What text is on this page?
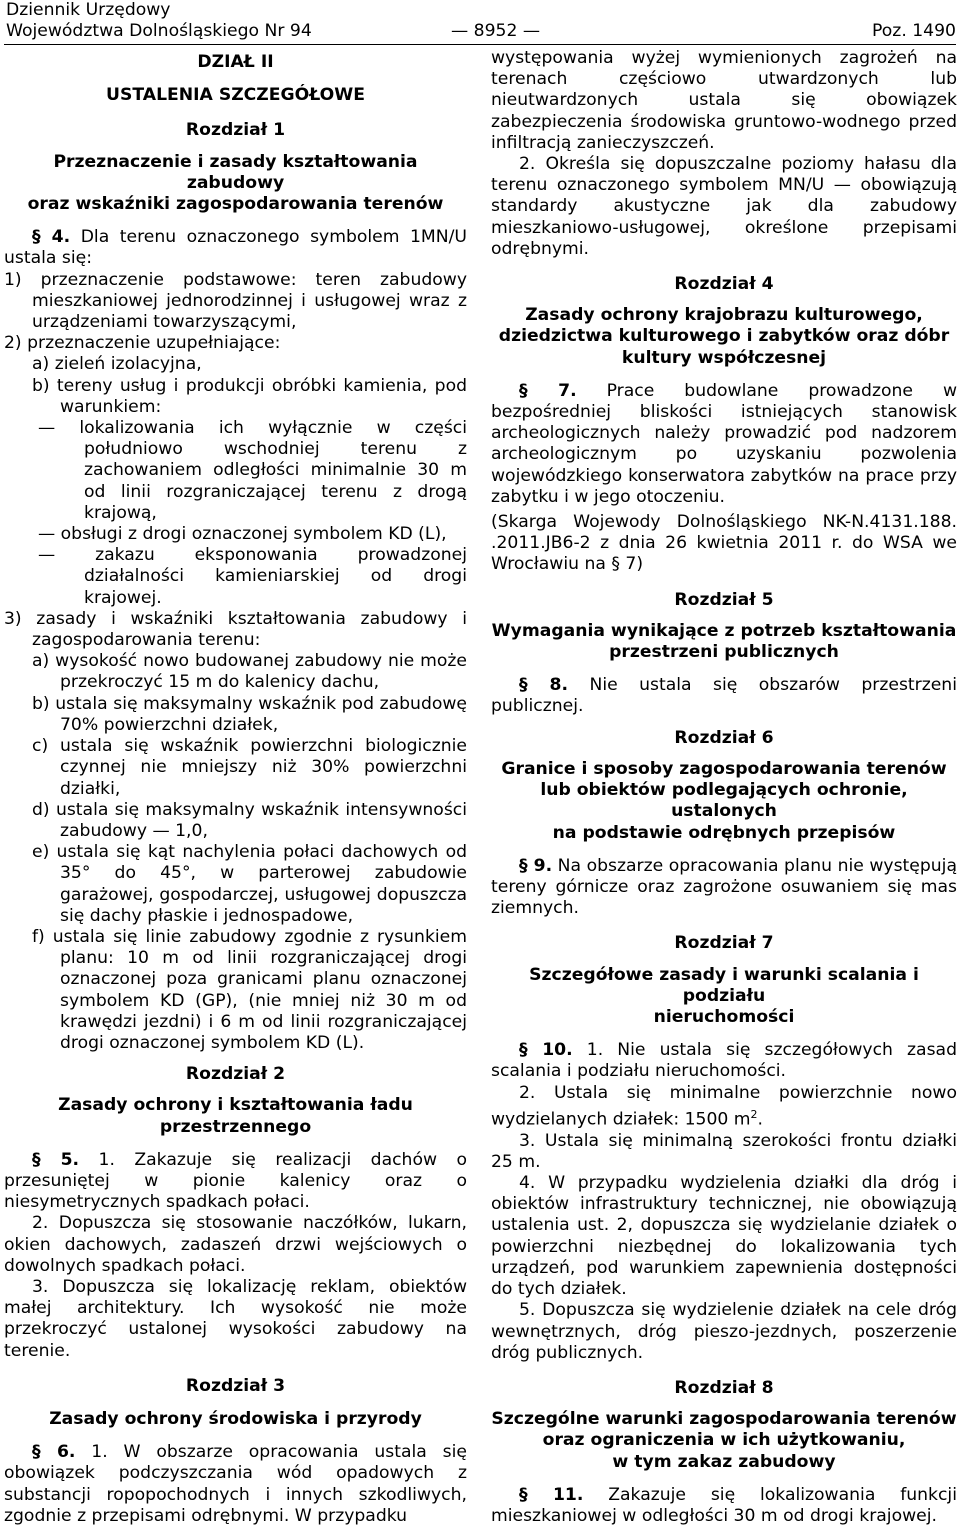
Dziennik Urzędowy
Województwa Dolnośląskiego Nr 94	— 8952 —	Poz. 1490

DZIAŁ II

USTALENIA SZCZEGÓŁOWE

Rozdział 1

Przeznaczenie i zasady kształtowania zabudowy

oraz wskaźniki zagospodarowania terenów

§ 4. Dla terenu oznaczonego symbolem 1MN/U ustala się:

1) przeznaczenie podstawowe: teren zabudowy mieszkaniowej jednorodzinnej i usługowej wraz z urządzeniami towarzyszącymi,

2) przeznaczenie uzupełniające:

a) zieleń izolacyjna,

b) tereny usług i produkcji obróbki kamienia, pod warunkiem:

— lokalizowania ich wyłącznie w części południowo wschodniej terenu z zachowaniem odległości minimalnie 30 m od linii rozgraniczającej terenu z drogą krajową,

— obsługi z drogi oznaczonej symbolem KD (L),

— zakazu eksponowania prowadzonej działalności kamieniarskiej od drogi krajowej.

3) zasady i wskaźniki kształtowania zabudowy i zagospodarowania terenu:

a) wysokość nowo budowanej zabudowy nie może przekroczyć 15 m do kalenicy dachu,

b) ustala się maksymalny wskaźnik pod zabudowę 70% powierzchni działek,

c) ustala się wskaźnik powierzchni biologicznie czynnej nie mniejszy niż 30% powierzchni działki,

d) ustala się maksymalny wskaźnik intensywności zabudowy — 1,0,

e) ustala się kąt nachylenia połaci dachowych od 35° do 45°, w parterowej zabudowie garażowej, gospodarczej, usługowej dopuszcza się dachy płaskie i jednospadowe,

f) ustala się linie zabudowy zgodnie z rysunkiem planu: 10 m od linii rozgraniczającej drogi oznaczonej poza granicami planu oznaczonej symbolem KD (GP), (nie mniej niż 30 m od krawędzi jezdni) i 6 m od linii rozgraniczającej drogi oznaczonej symbolem KD (L).

Rozdział 2

Zasady ochrony i kształtowania ładu

przestrzennego

§ 5. 1. Zakazuje się realizacji dachów o przesuniętej w pionie kalenicy oraz o niesymetrycznych spadkach połaci.

2. Dopuszcza się stosowanie naczółków, lukarn, okien dachowych, zadaszeń drzwi wejściowych o dowolnych spadkach połaci.

3. Dopuszcza się lokalizację reklam, obiektów małej architektury. Ich wysokość nie może przekroczyć ustalonej wysokości zabudowy na terenie.

Rozdział 3

Zasady ochrony środowiska i przyrody

§ 6. 1. W obszarze opracowania ustala się obowiązek podczyszczania wód opadowych z substancji ropopochodnych i innych szkodliwych, zgodnie z przepisami odrębnymi. W przypadku

występowania wyżej wymienionych zagrożeń na terenach częściowo utwardzonych lub nieutwardzonych ustala się obowiązek zabezpieczenia środowiska gruntowo-wodnego przed infiltracją zanieczyszczeń.

2. Określa się dopuszczalne poziomy hałasu dla terenu oznaczonego symbolem MN/U — obowiązują standardy akustyczne jak dla zabudowy mieszkaniowo-usługowej, określone przepisami odrębnymi.

Rozdział 4

Zasady ochrony krajobrazu kulturowego,

dziedzictwa kulturowego i zabytków oraz dóbr

kultury współczesnej

§ 7. Prace budowlane prowadzone w bezpośredniej bliskości istniejących stanowisk archeologicznych należy prowadzić pod nadzorem archeologicznym po uzyskaniu pozwolenia wojewódzkiego konserwatora zabytków na prace przy zabytku i w jego otoczeniu.

(Skarga Wojewody Dolnośląskiego NK-N.4131.188. .2011.JB6-2 z dnia 26 kwietnia 2011 r. do WSA we Wrocławiu na § 7)

Rozdział 5

Wymagania wynikające z potrzeb kształtowania

przestrzeni publicznych

§ 8. Nie ustala się obszarów przestrzeni publicznej.

Rozdział 6

Granice i sposoby zagospodarowania terenów

lub obiektów podlegających ochronie, ustalonych

na podstawie odrębnych przepisów

§ 9. Na obszarze opracowania planu nie występują tereny górnicze oraz zagrożone osuwaniem się mas ziemnych.

Rozdział 7

Szczegółowe zasady i warunki scalania i podziału

nieruchomości

§ 10. 1. Nie ustala się szczegółowych zasad scalania i podziału nieruchomości.

2. Ustala się minimalne powierzchnie nowo wydzielanych działek: 1500 $m^2$.

3. Ustala się minimalną szerokości frontu działki 25 m.

4. W przypadku wydzielenia działki dla dróg i obiektów infrastruktury technicznej, nie obowiązują ustalenia ust. 2, dopuszcza się wydzielanie działek o powierzchni niezbędnej do lokalizowania tych urządzeń, pod warunkiem zapewnienia dostępności do tych działek.

5. Dopuszcza się wydzielenie działek na cele dróg wewnętrznych, dróg pieszo-jezdnych, poszerzenie dróg publicznych.

Rozdział 8

Szczególne warunki zagospodarowania terenów

oraz ograniczenia w ich użytkowaniu,

w tym zakaz zabudowy

§ 11. Zakazuje się lokalizowania funkcji mieszkaniowej w odległości 30 m od drogi krajowej.
